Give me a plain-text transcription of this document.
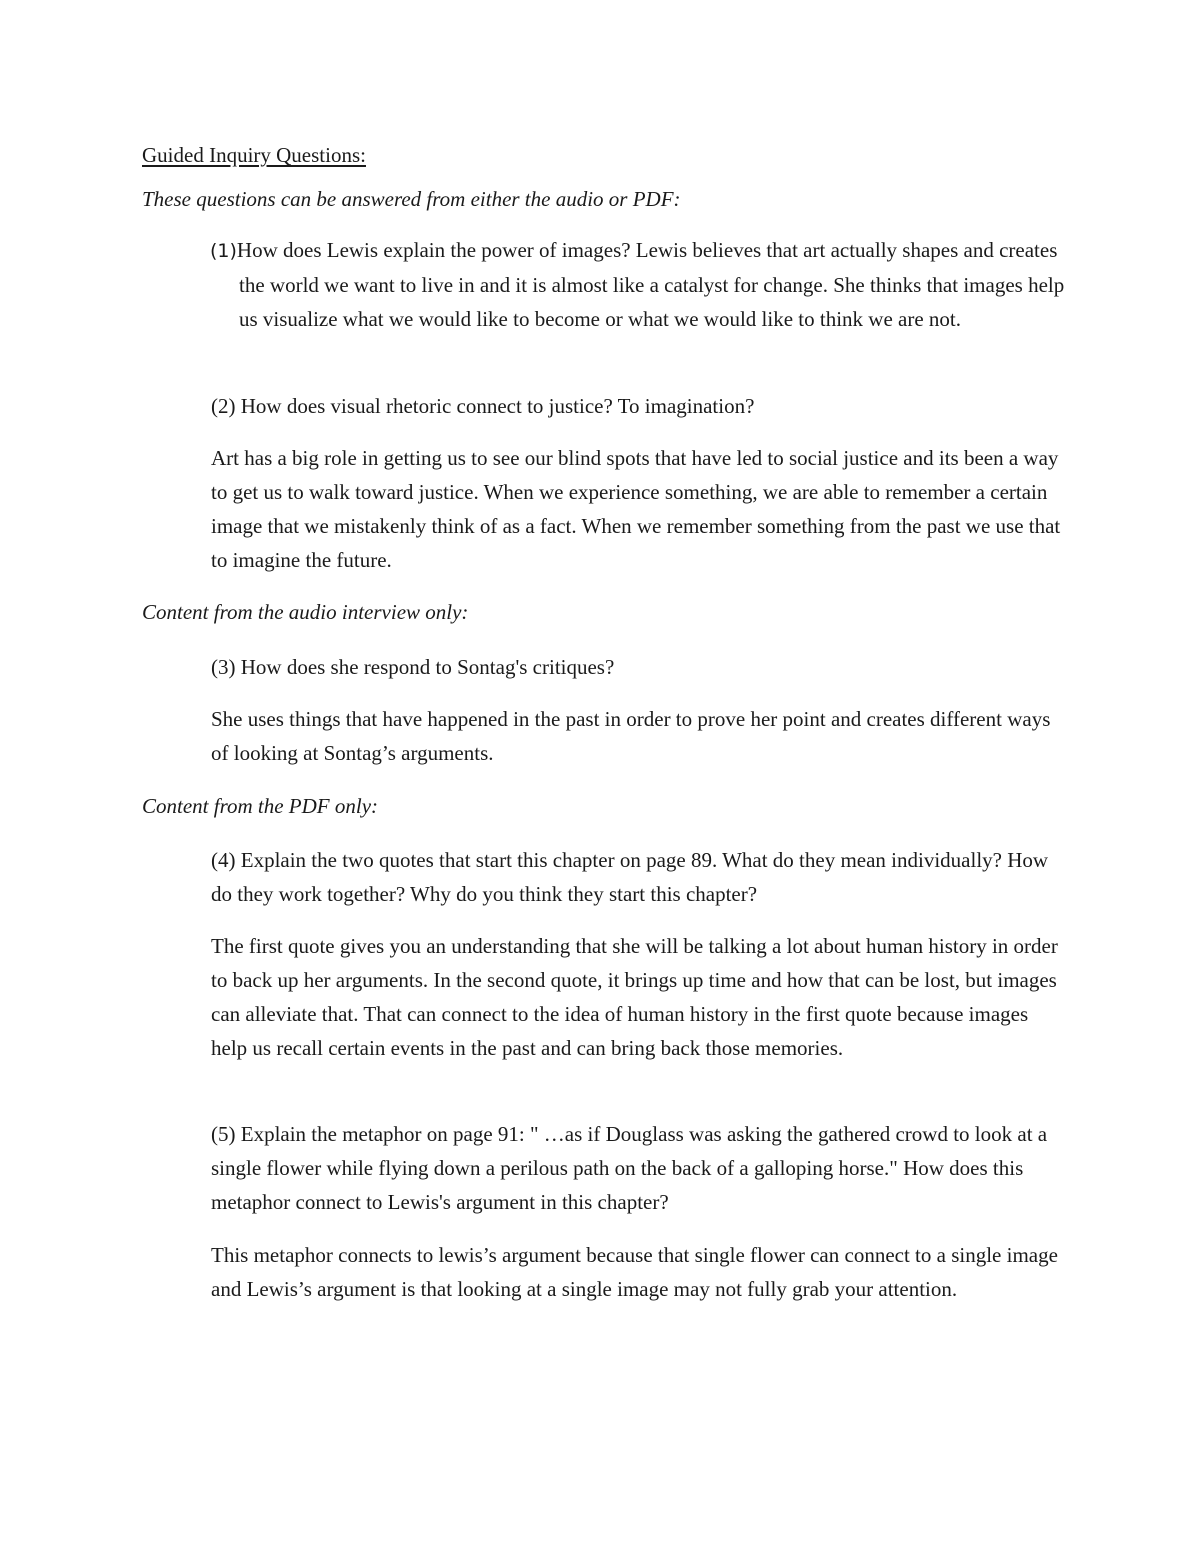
Guided Inquiry Questions:

These questions can be answered from either the audio or PDF:

(1)How does Lewis explain the power of images? Lewis believes that art actually shapes and creates the world we want to live in and it is almost like a catalyst for change. She thinks that images help us visualize what we would like to become or what we would like to think we are not.

(2) How does visual rhetoric connect to justice? To imagination?

Art has a big role in getting us to see our blind spots that have led to social justice and its been a way to get us to walk toward justice. When we experience something, we are able to remember a certain image that we mistakenly think of as a fact. When we remember something from the past we use that to imagine the future.

Content from the audio interview only:

(3) How does she respond to Sontag's critiques?

She uses things that have happened in the past in order to prove her point and creates different ways of looking at Sontag’s arguments.

Content from the PDF only:

(4) Explain the two quotes that start this chapter on page 89. What do they mean individually? How do they work together? Why do you think they start this chapter?

The first quote gives you an understanding that she will be talking a lot about human history in order to back up her arguments. In the second quote, it brings up time and how that can be lost, but images can alleviate that. That can connect to the idea of human history in the first quote because images help us recall certain events in the past and can bring back those memories.

(5) Explain the metaphor on page 91: " …as if Douglass was asking the gathered crowd to look at a single flower while flying down a perilous path on the back of a galloping horse." How does this metaphor connect to Lewis's argument in this chapter?

This metaphor connects to lewis’s argument because that single flower can connect to a single image and Lewis’s argument is that looking at a single image may not fully grab your attention.
